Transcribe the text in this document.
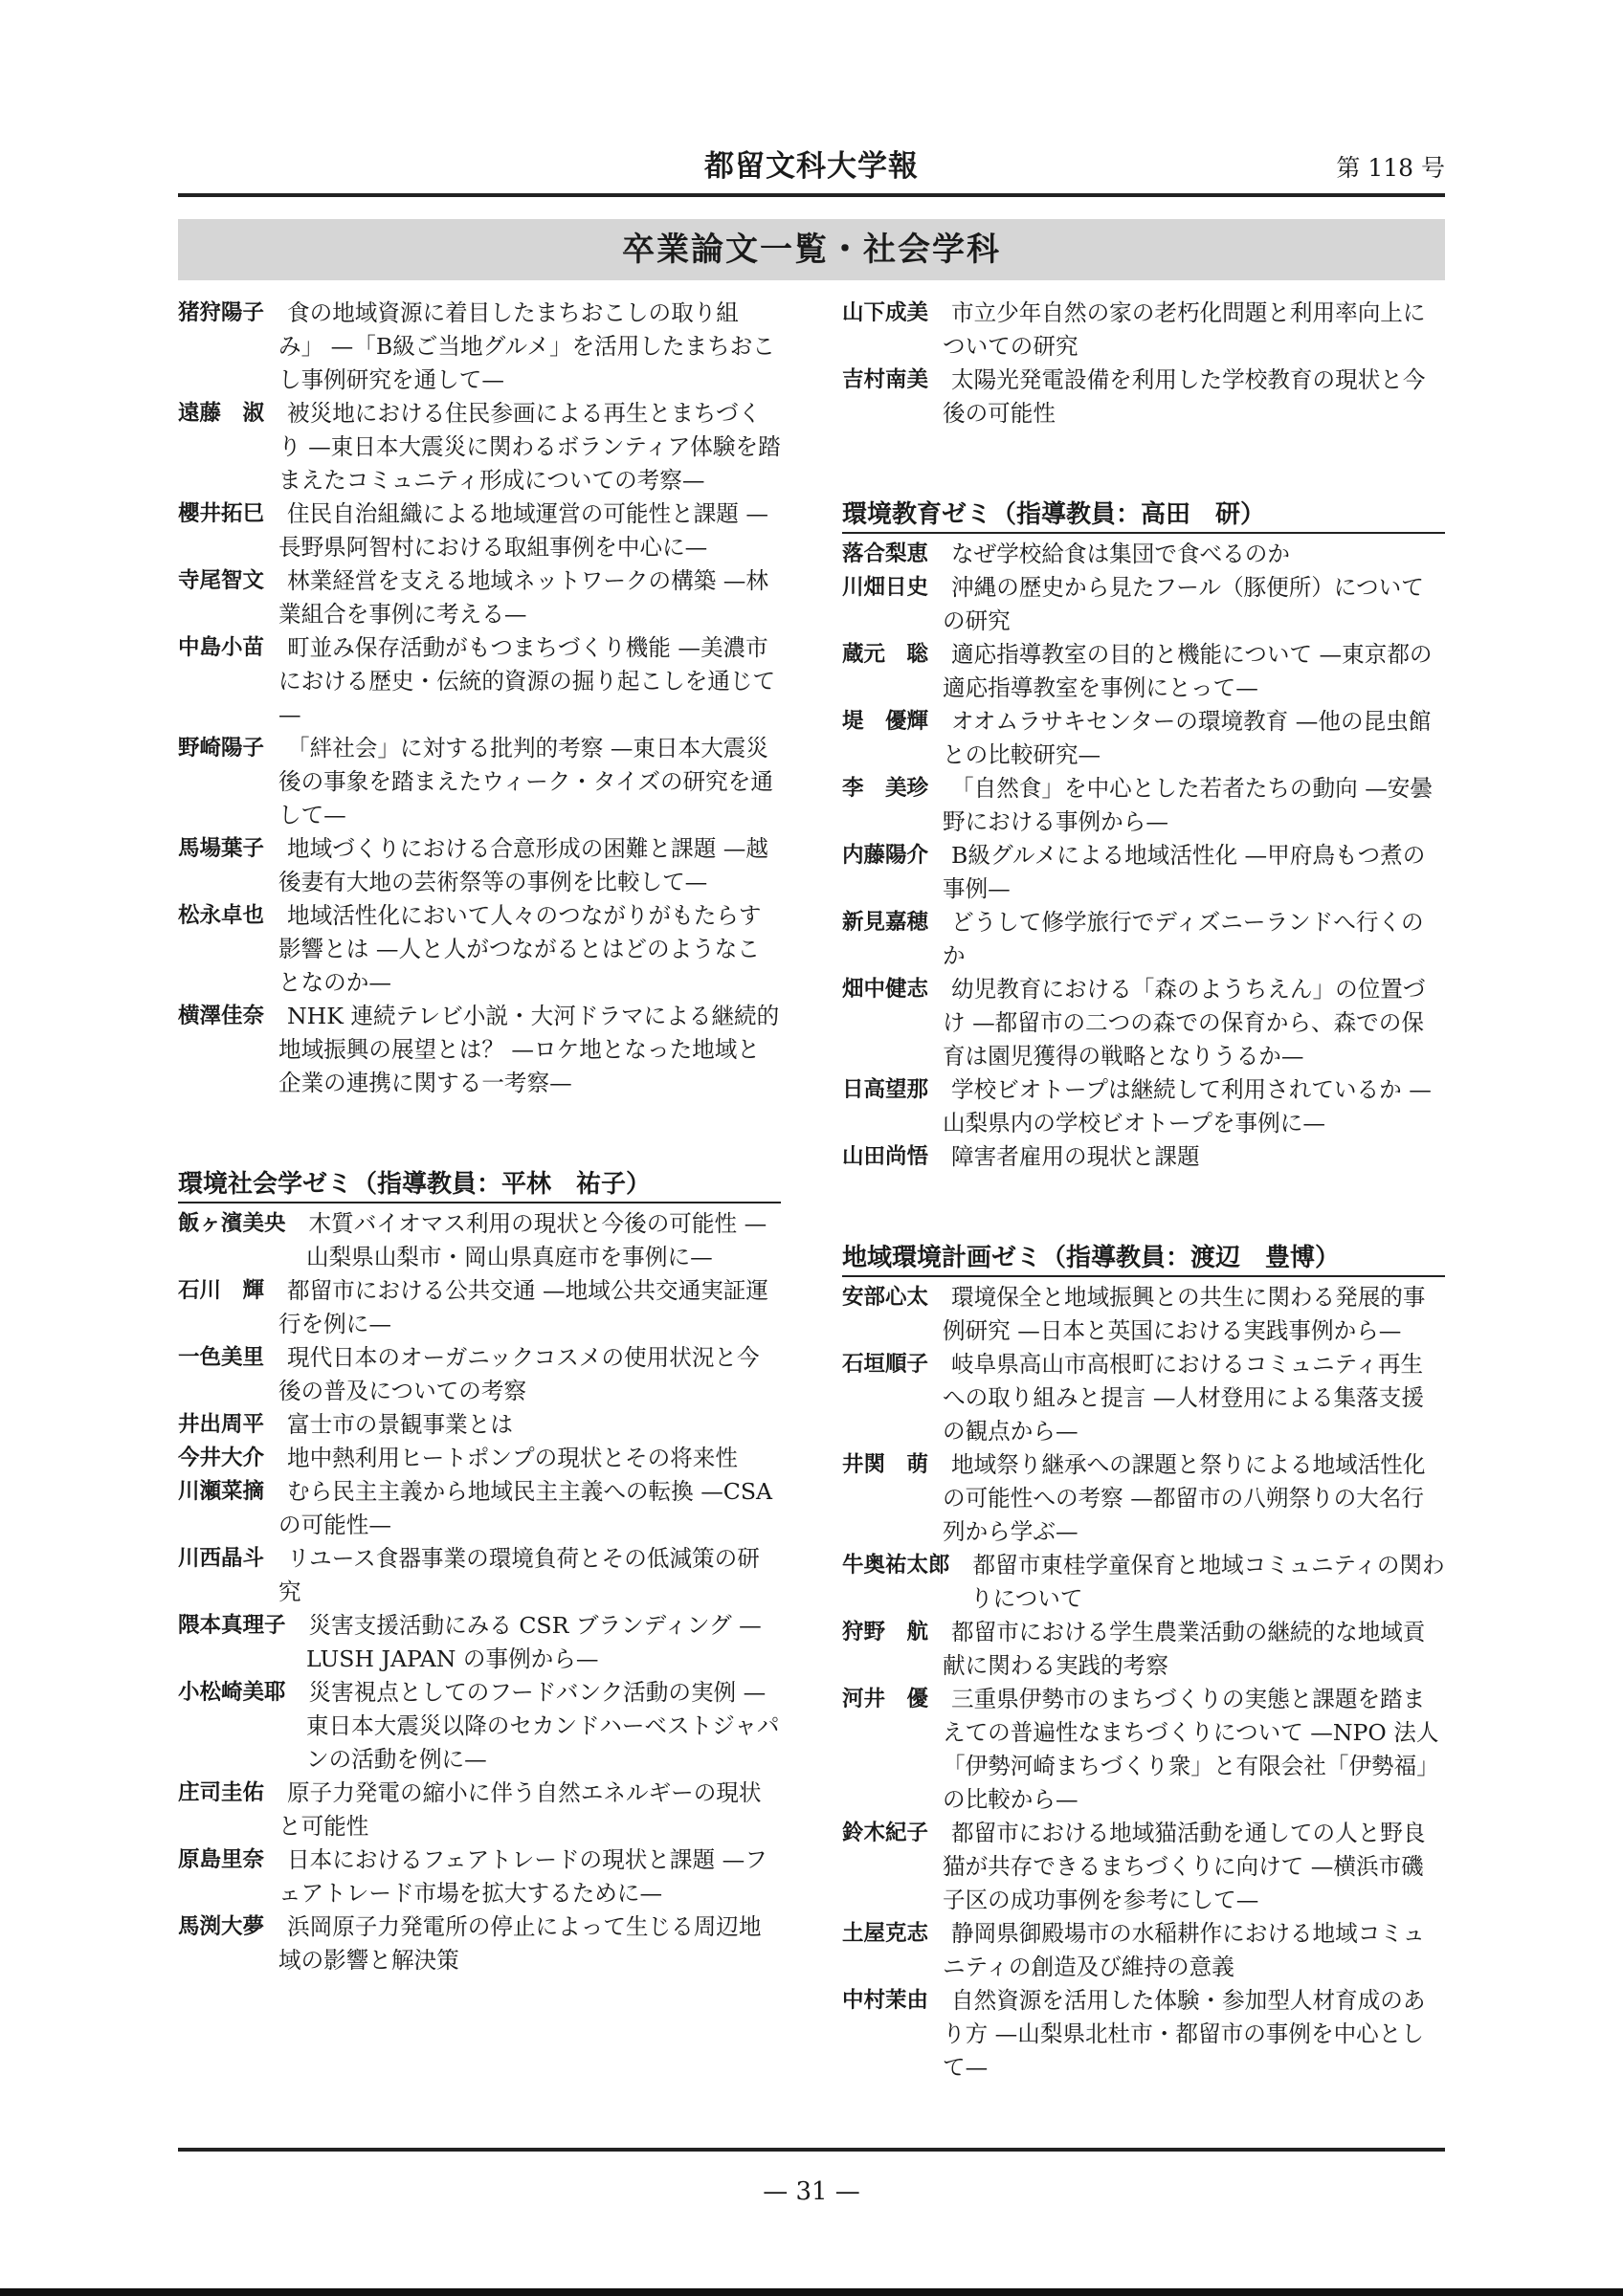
都留文科大学報	第 118 号
卒業論文一覧・社会学科
猪狩陽子	食の地域資源に着目したまちおこしの取り組み」 —「B級ご当地グルメ」を活用したまちおこし事例研究を通して—
遠藤　淑	被災地における住民参画による再生とまちづくり —東日本大震災に関わるボランティア体験を踏まえたコミュニティ形成についての考察—
櫻井拓巳	住民自治組織による地域運営の可能性と課題 —長野県阿智村における取組事例を中心に—
寺尾智文	林業経営を支える地域ネットワークの構築 —林業組合を事例に考える—
中島小苗	町並み保存活動がもつまちづくり機能 —美濃市における歴史・伝統的資源の掘り起こしを通じて—
野崎陽子	「絆社会」に対する批判的考察 —東日本大震災後の事象を踏まえたウィーク・タイズの研究を通して—
馬場葉子	地域づくりにおける合意形成の困難と課題 —越後妻有大地の芸術祭等の事例を比較して—
松永卓也	地域活性化において人々のつながりがもたらす影響とは —人と人がつながるとはどのようなことなのか—
横澤佳奈	NHK 連続テレビ小説・大河ドラマによる継続的地域振興の展望とは？ —ロケ地となった地域と企業の連携に関する一考察—
環境社会学ゼミ（指導教員：平林　祐子）
飯ヶ濱美央 木質バイオマス利用の現状と今後の可能性 —山梨県山梨市・岡山県真庭市を事例に—
石川　輝	都留市における公共交通 —地域公共交通実証運行を例に—
一色美里	現代日本のオーガニックコスメの使用状況と今後の普及についての考察
井出周平	富士市の景観事業とは
今井大介	地中熱利用ヒートポンプの現状とその将来性
川瀬菜摘	むら民主主義から地域民主主義への転換 —CSA の可能性—
川西晶斗	リユース食器事業の環境負荷とその低減策の研究
隈本真理子 災害支援活動にみる CSR ブランディング —LUSH JAPAN の事例から—
小松崎美耶 災害視点としてのフードバンク活動の実例 —東日本大震災以降のセカンドハーベストジャパンの活動を例に—
庄司圭佑	原子力発電の縮小に伴う自然エネルギーの現状と可能性
原島里奈	日本におけるフェアトレードの現状と課題 —フェアトレード市場を拡大するために—
馬渕大夢	浜岡原子力発電所の停止によって生じる周辺地域の影響と解決策
山下成美	市立少年自然の家の老朽化問題と利用率向上についての研究
吉村南美	太陽光発電設備を利用した学校教育の現状と今後の可能性
環境教育ゼミ（指導教員：高田　研）
落合梨恵	なぜ学校給食は集団で食べるのか
川畑日史	沖縄の歴史から見たフール（豚便所）についての研究
蔵元　聡	適応指導教室の目的と機能について —東京都の適応指導教室を事例にとって—
堤　優輝	オオムラサキセンターの環境教育 —他の昆虫館との比較研究—
李　美珍	「自然食」を中心とした若者たちの動向 —安曇野における事例から—
内藤陽介	B級グルメによる地域活性化 —甲府鳥もつ煮の事例—
新見嘉穂	どうして修学旅行でディズニーランドへ行くのか
畑中健志	幼児教育における「森のようちえん」の位置づけ —都留市の二つの森での保育から、森での保育は園児獲得の戦略となりうるか—
日高望那	学校ビオトープは継続して利用されているか —山梨県内の学校ビオトープを事例に—
山田尚悟	障害者雇用の現状と課題
地域環境計画ゼミ（指導教員：渡辺　豊博）
安部心太	環境保全と地域振興との共生に関わる発展的事例研究 —日本と英国における実践事例から—
石垣順子	岐阜県高山市高根町におけるコミュニティ再生への取り組みと提言 —人材登用による集落支援の観点から—
井関　萌	地域祭り継承への課題と祭りによる地域活性化の可能性への考察 —都留市の八朔祭りの大名行列から学ぶ—
牛奥祐太郎 都留市東桂学童保育と地域コミュニティの関わりについて
狩野　航	都留市における学生農業活動の継続的な地域貢献に関わる実践的考察
河井　優	三重県伊勢市のまちづくりの実態と課題を踏まえての普遍性なまちづくりについて —NPO 法人「伊勢河崎まちづくり衆」と有限会社「伊勢福」の比較から—
鈴木紀子	都留市における地域猫活動を通しての人と野良猫が共存できるまちづくりに向けて —横浜市磯子区の成功事例を参考にして—
土屋克志	静岡県御殿場市の水稲耕作における地域コミュニティの創造及び維持の意義
中村茉由	自然資源を活用した体験・参加型人材育成のあり方 —山梨県北杜市・都留市の事例を中心として—
— 31 —
